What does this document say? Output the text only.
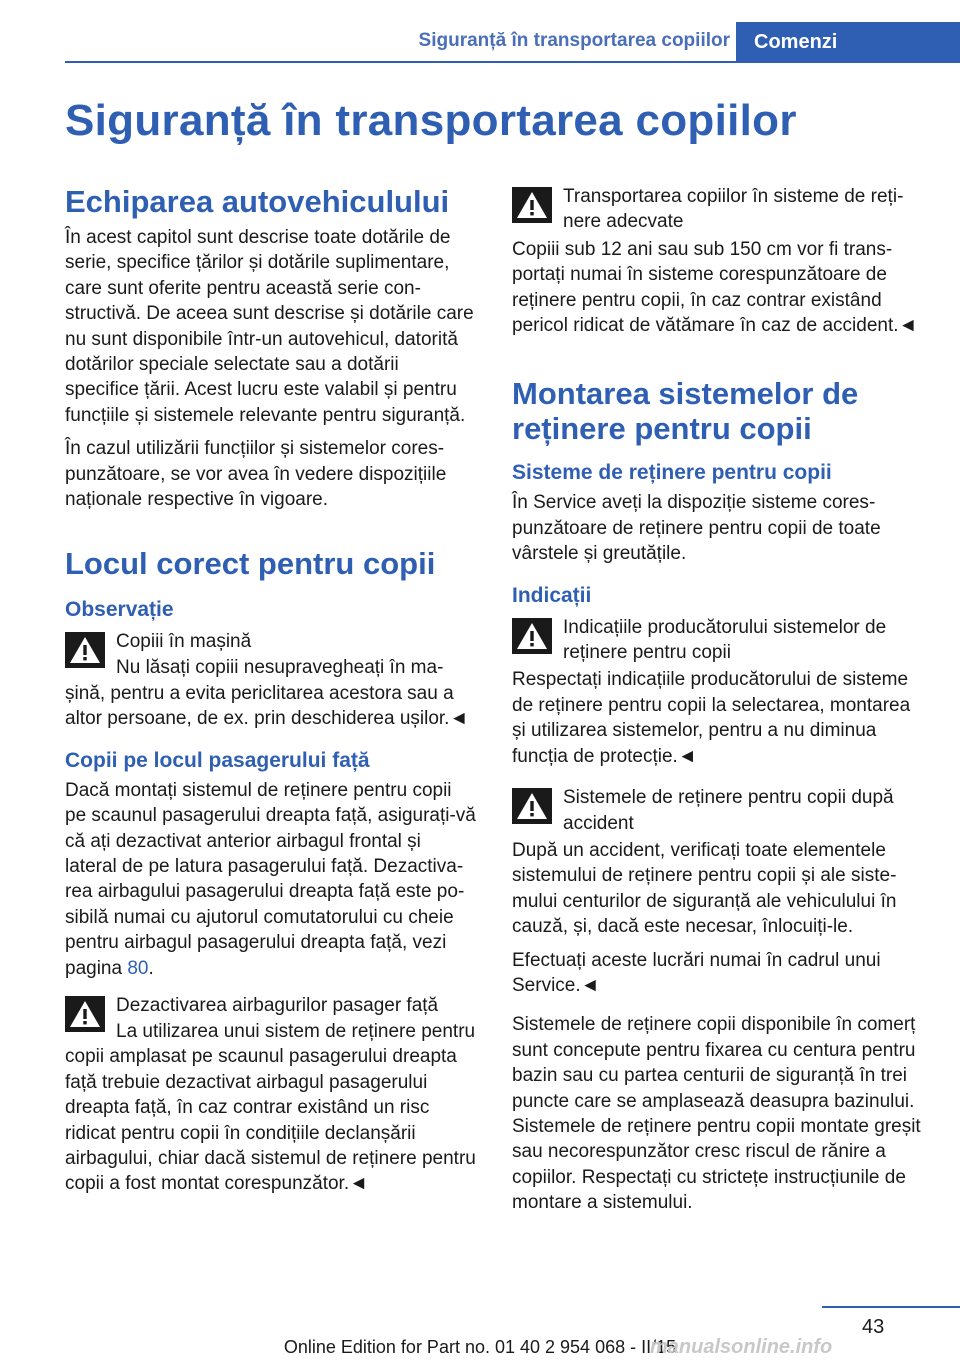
Siguranță în transportarea copiilor	Comenzi
Siguranță în transportarea copiilor
Echiparea autovehiculului
În acest capitol sunt descrise toate dotările de serie, specifice țărilor și dotările suplimentare, care sunt oferite pentru această serie constructivă. De aceea sunt descrise și dotările care nu sunt disponibile într-un autovehicul, datorită dotărilor speciale selectate sau a dotării specifice țării. Acest lucru este valabil și pentru funcțiile și sistemele relevante pentru siguranță.
În cazul utilizării funcțiilor și sistemelor corespunzătoare, se vor avea în vedere dispozițiile naționale respective în vigoare.
Locul corect pentru copii
Observație
Copiii în mașină
Nu lăsați copiii nesupravegheați în mașină, pentru a evita periclitarea acestora sau a altor persoane, de ex. prin deschiderea ușilor.◄
Copii pe locul pasagerului față
Dacă montați sistemul de reținere pentru copii pe scaunul pasagerului dreapta față, asigurați-vă că ați dezactivat anterior airbagul frontal și lateral de pe latura pasagerului față. Dezactivarea airbagului pasagerului dreapta față este posibilă numai cu ajutorul comutatorului cu cheie pentru airbagul pasagerului dreapta față, vezi pagina 80.
Dezactivarea airbagurilor pasager față
La utilizarea unui sistem de reținere pentru copii amplasat pe scaunul pasagerului dreapta față trebuie dezactivat airbagul pasagerului dreapta față, în caz contrar existând un risc ridicat pentru copii în condițiile declanșării airbagului, chiar dacă sistemul de reținere pentru copii a fost montat corespunzător.◄
Transportarea copiilor în sisteme de reținere adecvate
Copiii sub 12 ani sau sub 150 cm vor fi transportați numai în sisteme corespunzătoare de reținere pentru copii, în caz contrar existând pericol ridicat de vătămare în caz de accident.◄
Montarea sistemelor de reținere pentru copii
Sisteme de reținere pentru copii
În Service aveți la dispoziție sisteme corespunzătoare de reținere pentru copii de toate vârstele și greutățile.
Indicații
Indicațiile producătorului sistemelor de reținere pentru copii
Respectați indicațiile producătorului de sisteme de reținere pentru copii la selectarea, montarea și utilizarea sistemelor, pentru a nu diminua funcția de protecție.◄
Sistemele de reținere pentru copii după accident
După un accident, verificați toate elementele sistemului de reținere pentru copii și ale sistemului centurilor de siguranță ale vehiculului în cauză, și, dacă este necesar, înlocuiți-le.
Efectuați aceste lucrări numai în cadrul unui Service.◄
Sistemele de reținere copii disponibile în comerț sunt concepute pentru fixarea cu centura pentru bazin sau cu partea centurii de siguranță în trei puncte care se amplasează deasupra bazinului. Sistemele de reținere pentru copii montate greșit sau necorespunzător cresc riscul de rănire a copiilor. Respectați cu strictețe instrucțiunile de montare a sistemului.
43
Online Edition for Part no. 01 40 2 954 068 - II/15
manualsonline.info
